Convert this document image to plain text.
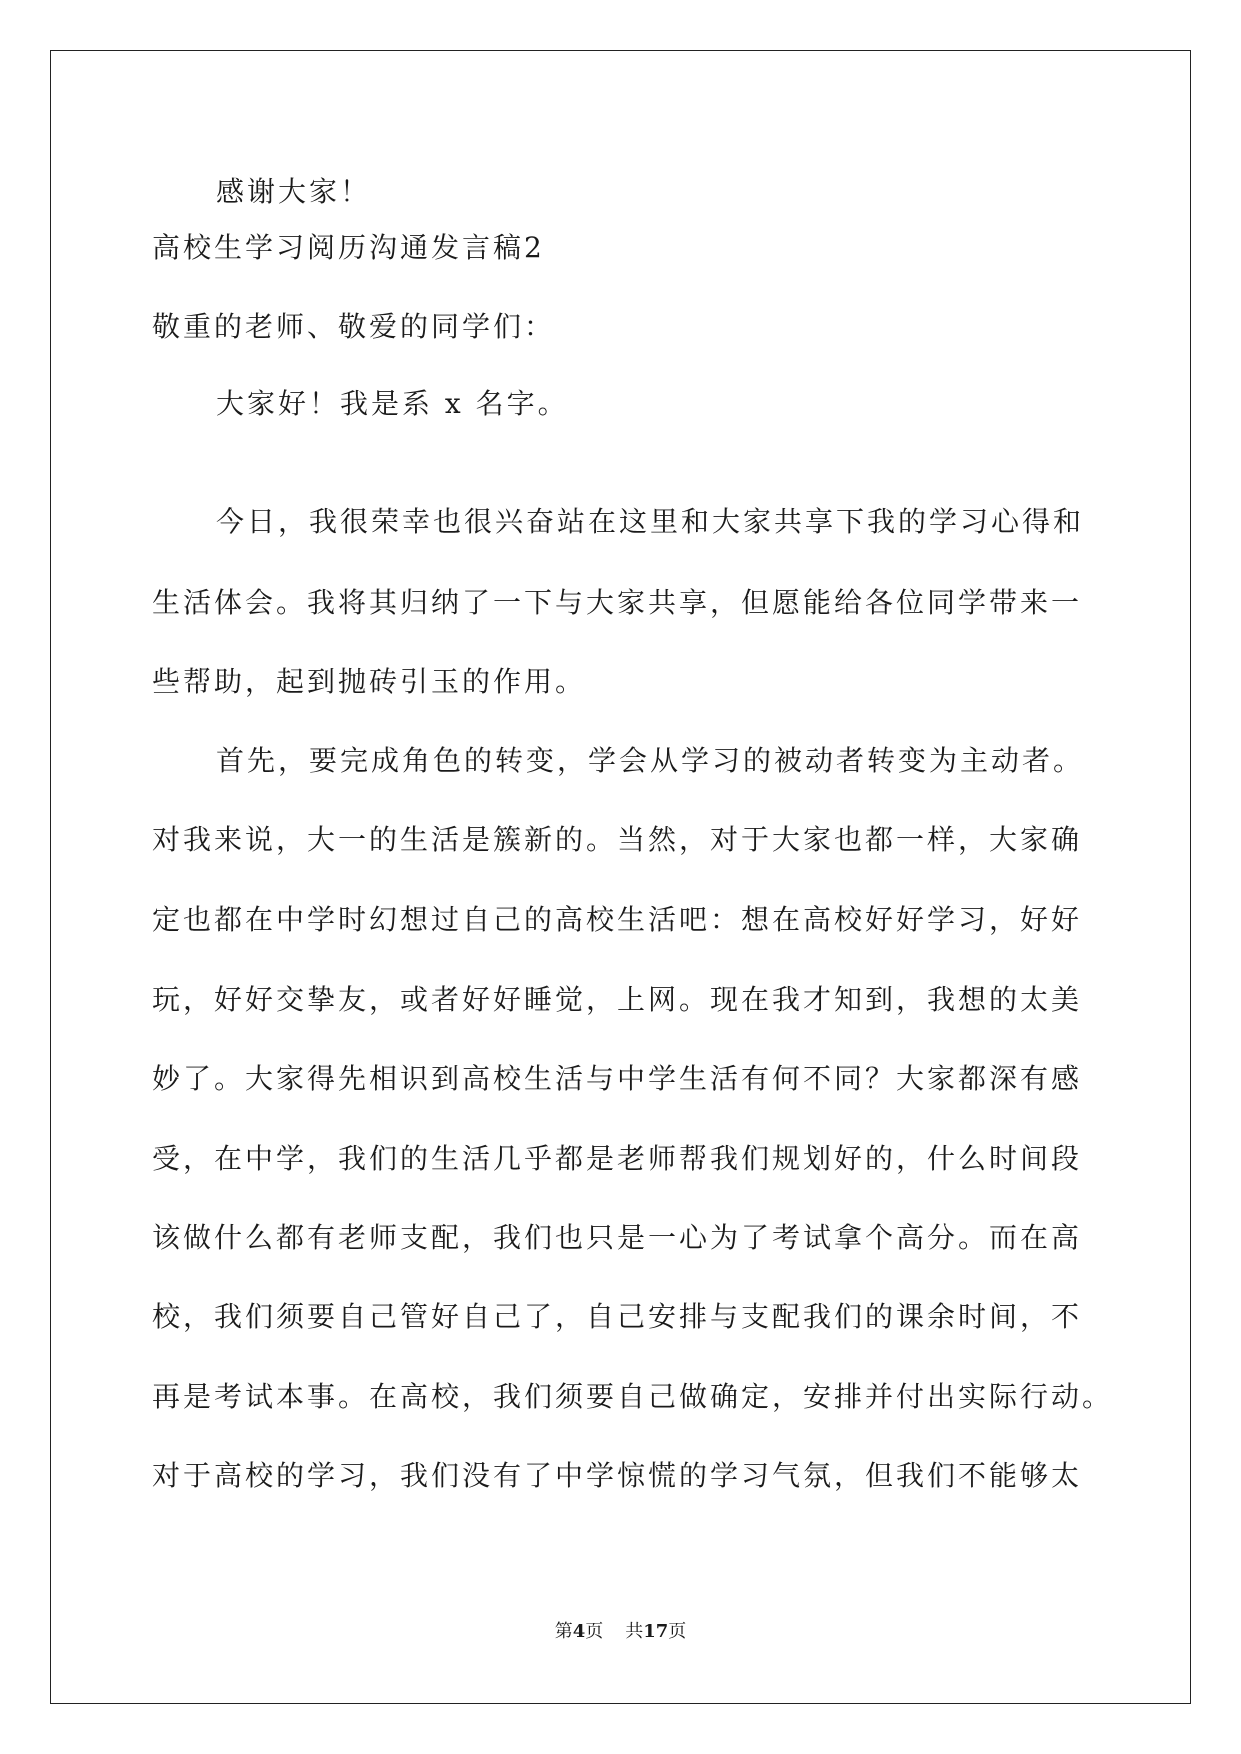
感谢大家！
高校生学习阅历沟通发言稿2
敬重的老师、敬爱的同学们：
大家好！我是系 x 名字。
今日，我很荣幸也很兴奋站在这里和大家共享下我的学习心得和
生活体会。我将其归纳了一下与大家共享，但愿能给各位同学带来一
些帮助，起到抛砖引玉的作用。
首先，要完成角色的转变，学会从学习的被动者转变为主动者。
对我来说，大一的生活是簇新的。当然，对于大家也都一样，大家确
定也都在中学时幻想过自己的高校生活吧：想在高校好好学习，好好
玩，好好交挚友，或者好好睡觉，上网。现在我才知到，我想的太美
妙了。大家得先相识到高校生活与中学生活有何不同？大家都深有感
受，在中学，我们的生活几乎都是老师帮我们规划好的，什么时间段
该做什么都有老师支配，我们也只是一心为了考试拿个高分。而在高
校，我们须要自己管好自己了，自己安排与支配我们的课余时间，不
再是考试本事。在高校，我们须要自己做确定，安排并付出实际行动。
对于高校的学习，我们没有了中学惊慌的学习气氛，但我们不能够太
第4页 共17页
